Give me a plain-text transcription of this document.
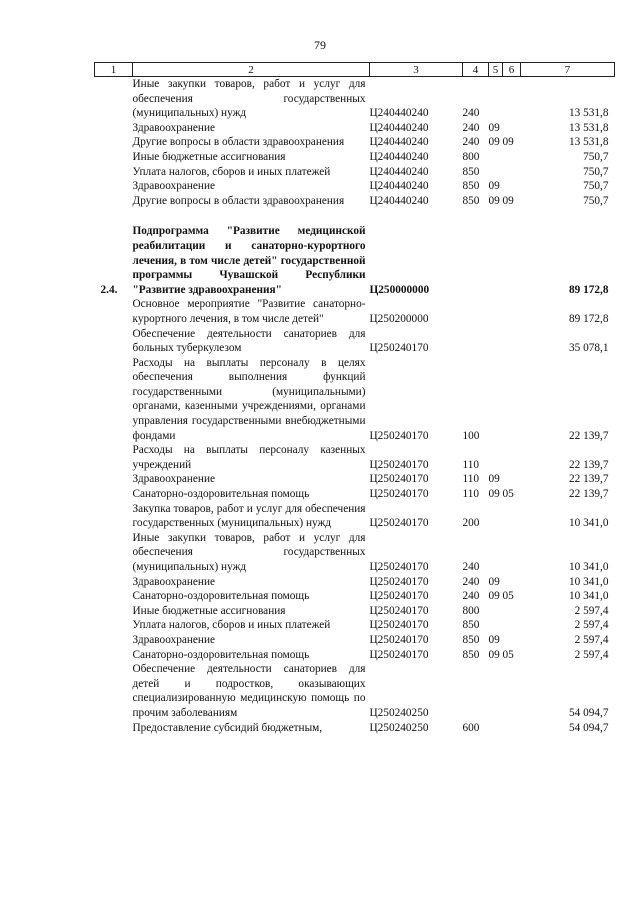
79
1	2	3	4	5	6	7
	Иные закупки товаров, работ и услуг для обеспечения государственных (муниципальных) нужд	Ц240440240	240			13 531,8
	Здравоохранение	Ц240440240	240	09		13 531,8
	Другие вопросы в области здравоохранения	Ц240440240	240	09	09	13 531,8
	Иные бюджетные ассигнования	Ц240440240	800			750,7
	Уплата налогов, сборов и иных платежей	Ц240440240	850			750,7
	Здравоохранение	Ц240440240	850	09		750,7
	Другие вопросы в области здравоохранения	Ц240440240	850	09	09	750,7

2.4.	Подпрограмма "Развитие медицинской реабилитации и санаторно-курортного лечения, в том числе детей" государственной программы Чувашской Республики "Развитие здравоохранения"	Ц250000000				89 172,8
	Основное мероприятие "Развитие санаторно-курортного лечения, в том числе детей"	Ц250200000				89 172,8
	Обеспечение деятельности санаториев для больных туберкулезом	Ц250240170				35 078,1
	Расходы на выплаты персоналу в целях обеспечения выполнения функций государственными (муниципальными) органами, казенными учреждениями, органами управления государственными внебюджетными фондами	Ц250240170	100			22 139,7
	Расходы на выплаты персоналу казенных учреждений	Ц250240170	110			22 139,7
	Здравоохранение	Ц250240170	110	09		22 139,7
	Санаторно-оздоровительная помощь	Ц250240170	110	09	05	22 139,7
	Закупка товаров, работ и услуг для обеспечения государственных (муниципальных) нужд	Ц250240170	200			10 341,0
	Иные закупки товаров, работ и услуг для обеспечения государственных (муниципальных) нужд	Ц250240170	240			10 341,0
	Здравоохранение	Ц250240170	240	09		10 341,0
	Санаторно-оздоровительная помощь	Ц250240170	240	09	05	10 341,0
	Иные бюджетные ассигнования	Ц250240170	800			2 597,4
	Уплата налогов, сборов и иных платежей	Ц250240170	850			2 597,4
	Здравоохранение	Ц250240170	850	09		2 597,4
	Санаторно-оздоровительная помощь	Ц250240170	850	09	05	2 597,4
	Обеспечение деятельности санаториев для детей и подростков, оказывающих специализированную медицинскую помощь по прочим заболеваниям	Ц250240250				54 094,7
	Предоставление субсидий бюджетным,	Ц250240250	600			54 094,7
